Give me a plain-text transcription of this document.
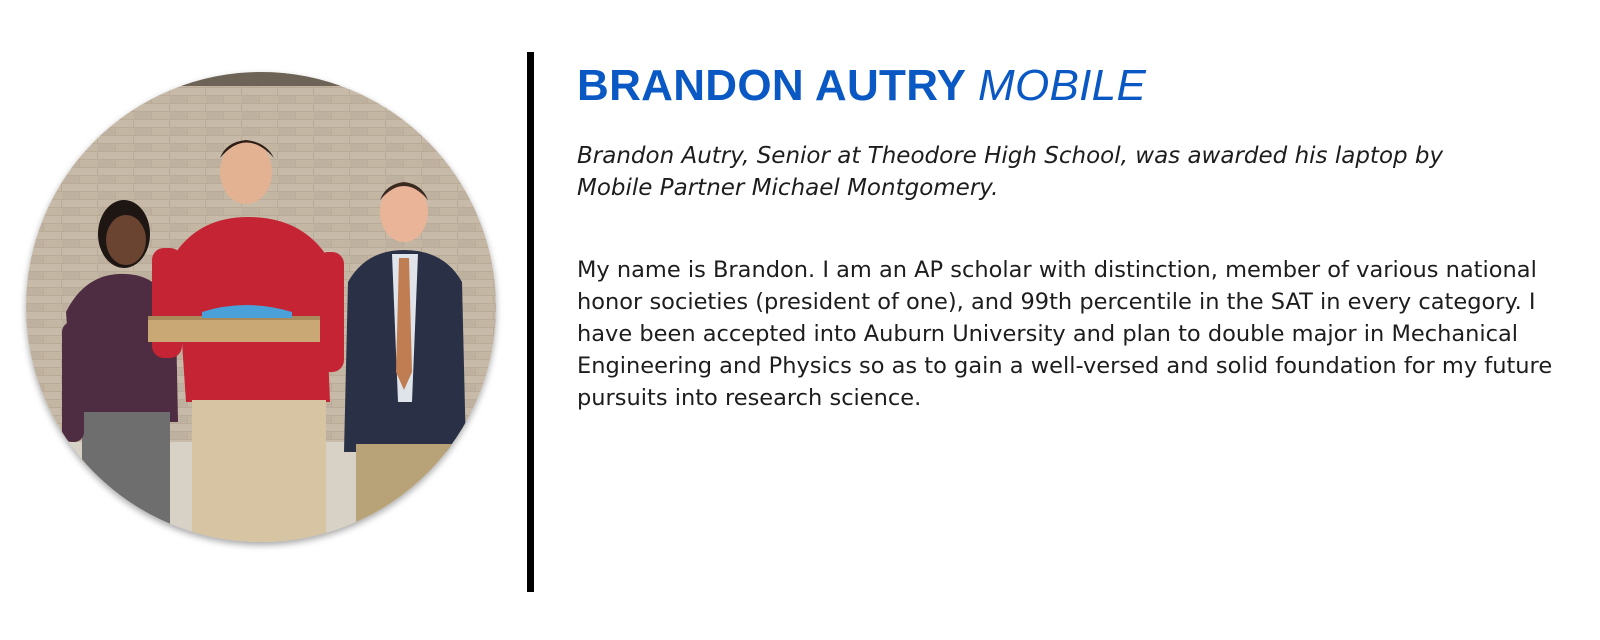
BRANDON AUTRY MOBILE

Brandon Autry, Senior at Theodore High School, was awarded his laptop by Mobile Partner Michael Montgomery.

My name is Brandon. I am an AP scholar with distinction, member of various national honor societies (president of one), and 99th percentile in the SAT in every category. I have been accepted into Auburn University and plan to double major in Mechanical Engineering and Physics so as to gain a well-versed and solid foundation for my future pursuits into research science.
